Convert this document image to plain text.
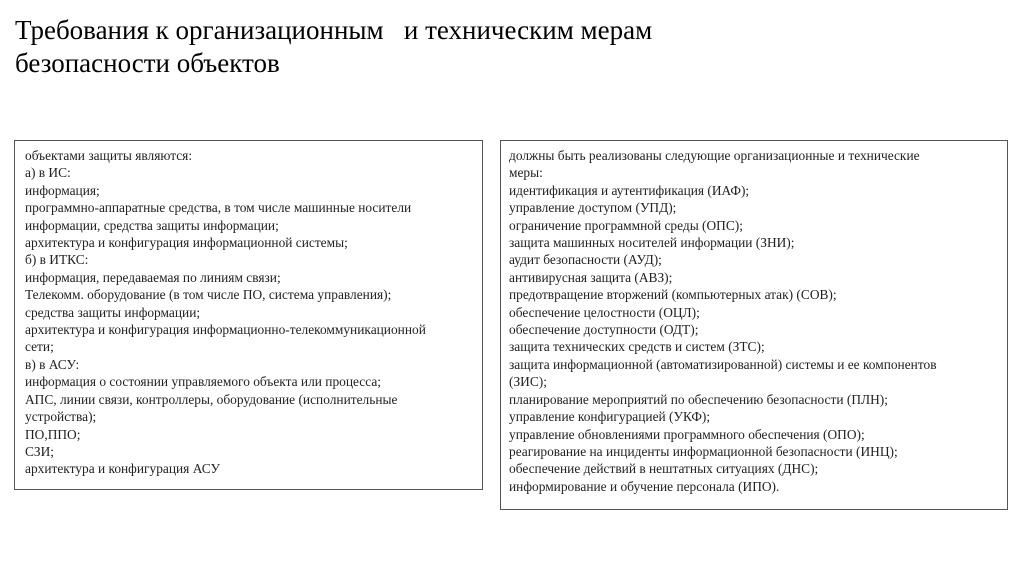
Требования к организационным   и техническим мерам
безопасности объектов
объектами защиты являются:
а) в ИС:
информация;
программно-аппаратные средства, в том числе машинные носители
информации, средства защиты информации;
архитектура и конфигурация информационной системы;
б) в ИТКС:
информация, передаваемая по линиям связи;
Телекомм. оборудование (в том числе ПО, система управления);
средства защиты информации;
архитектура и конфигурация информационно-телекоммуникационной
сети;
в) в АСУ:
информация о состоянии управляемого объекта или процесса;
АПС, линии связи, контроллеры, оборудование (исполнительные
устройства);
ПО,ППО;
СЗИ;
архитектура и конфигурация АСУ
должны быть реализованы следующие организационные и технические
меры:
идентификация и аутентификация (ИАФ);
управление доступом (УПД);
ограничение программной среды (ОПС);
защита машинных носителей информации (ЗНИ);
аудит безопасности (АУД);
антивирусная защита (АВЗ);
предотвращение вторжений (компьютерных атак) (СОВ);
обеспечение целостности (ОЦЛ);
обеспечение доступности (ОДТ);
защита технических средств и систем (ЗТС);
защита информационной (автоматизированной) системы и ее компонентов
(ЗИС);
планирование мероприятий по обеспечению безопасности (ПЛН);
управление конфигурацией (УКФ);
управление обновлениями программного обеспечения (ОПО);
реагирование на инциденты информационной безопасности (ИНЦ);
обеспечение действий в нештатных ситуациях (ДНС);
информирование и обучение персонала (ИПО).
